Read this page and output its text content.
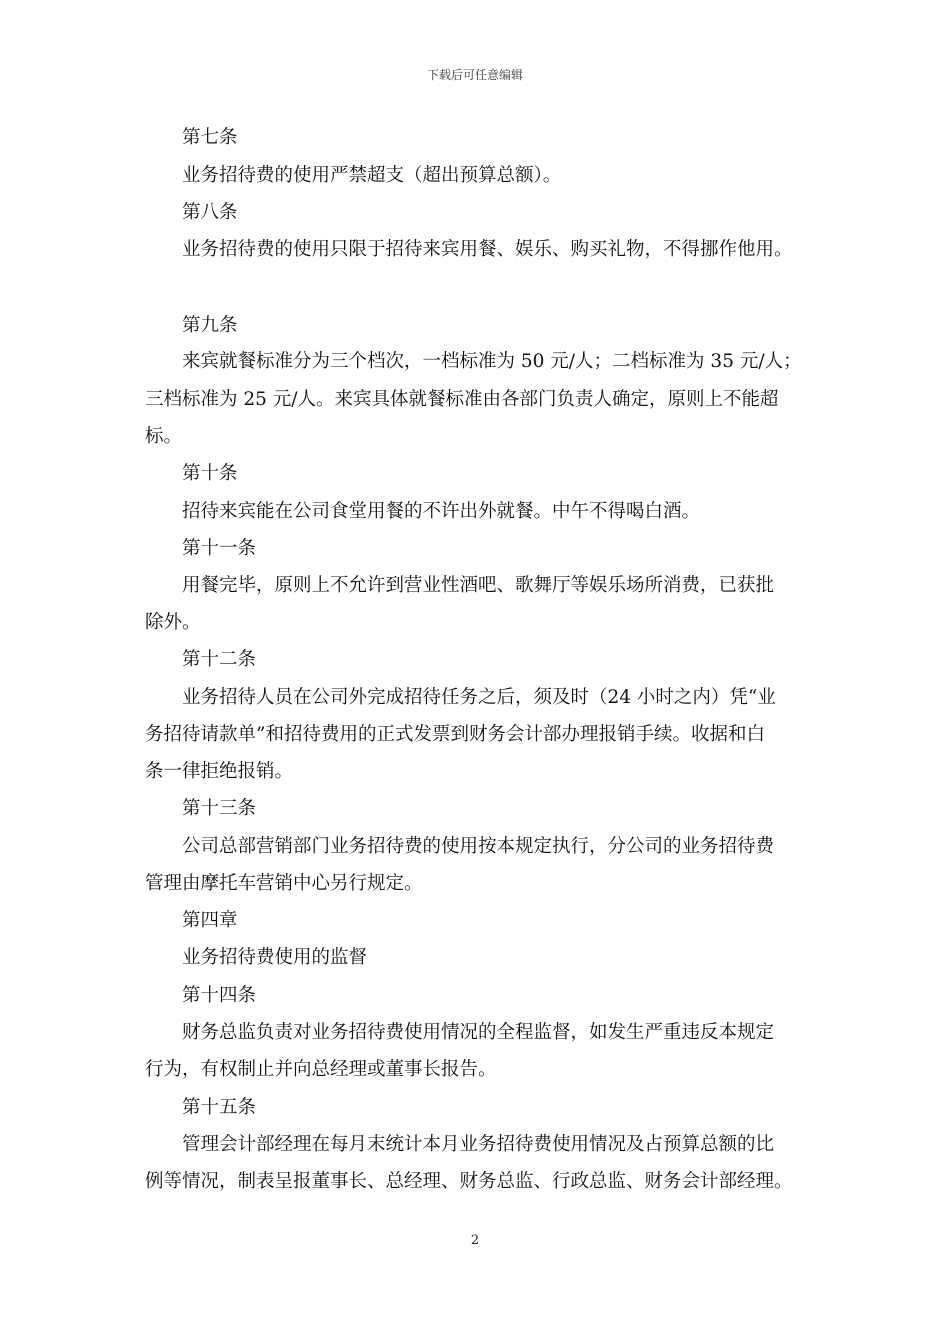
下载后可任意编辑
第七条
业务招待费的使用严禁超支（超出预算总额）。
第八条
业务招待费的使用只限于招待来宾用餐、娱乐、购买礼物，不得挪作他用。
第九条
来宾就餐标准分为三个档次，一档标准为 50 元/人；二档标准为 35 元/人；
三档标准为 25 元/人。来宾具体就餐标准由各部门负责人确定，原则上不能超
标。
第十条
招待来宾能在公司食堂用餐的不许出外就餐。中午不得喝白酒。
第十一条
用餐完毕，原则上不允许到营业性酒吧、歌舞厅等娱乐场所消费，已获批
除外。
第十二条
业务招待人员在公司外完成招待任务之后，须及时（24 小时之内）凭“业
务招待请款单”和招待费用的正式发票到财务会计部办理报销手续。收据和白
条一律拒绝报销。
第十三条
公司总部营销部门业务招待费的使用按本规定执行，分公司的业务招待费
管理由摩托车营销中心另行规定。
第四章
业务招待费使用的监督
第十四条
财务总监负责对业务招待费使用情况的全程监督，如发生严重违反本规定
行为，有权制止并向总经理或董事长报告。
第十五条
管理会计部经理在每月末统计本月业务招待费使用情况及占预算总额的比
例等情况，制表呈报董事长、总经理、财务总监、行政总监、财务会计部经理。
2
